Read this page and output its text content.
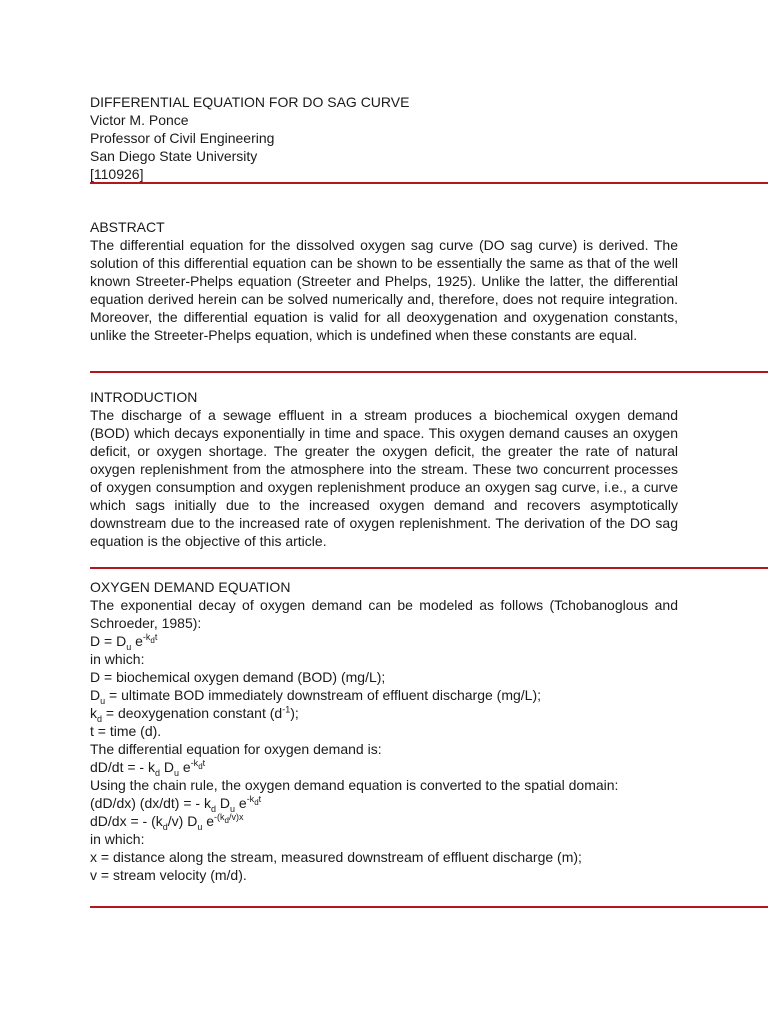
DIFFERENTIAL EQUATION FOR DO SAG CURVE
Victor M. Ponce
Professor of Civil Engineering
San Diego State University
[110926]
ABSTRACT
The differential equation for the dissolved oxygen sag curve (DO sag curve) is derived. The solution of this differential equation can be shown to be essentially the same as that of the well known Streeter-Phelps equation (Streeter and Phelps, 1925). Unlike the latter, the differential equation derived herein can be solved numerically and, therefore, does not require integration. Moreover, the differential equation is valid for all deoxygenation and oxygenation constants, unlike the Streeter-Phelps equation, which is undefined when these constants are equal.
INTRODUCTION
The discharge of a sewage effluent in a stream produces a biochemical oxygen demand (BOD) which decays exponentially in time and space. This oxygen demand causes an oxygen deficit, or oxygen shortage. The greater the oxygen deficit, the greater the rate of natural oxygen replenishment from the atmosphere into the stream. These two concurrent processes of oxygen consumption and oxygen replenishment produce an oxygen sag curve, i.e., a curve which sags initially due to the increased oxygen demand and recovers asymptotically downstream due to the increased rate of oxygen replenishment. The derivation of the DO sag equation is the objective of this article.
OXYGEN DEMAND EQUATION
The exponential decay of oxygen demand can be modeled as follows (Tchobanoglous and Schroeder, 1985):
$D = D_u$ $e^{-k_dt}$
in which:
D = biochemical oxygen demand (BOD) (mg/L);
$D_u$ = ultimate BOD immediately downstream of effluent discharge (mg/L);
$k_d$ = deoxygenation constant $(d^{-1})$;
t = time (d).
The differential equation for oxygen demand is:
dD/dt = - $k_d$ $D_u$ $e^{-k_dt}$
Using the chain rule, the oxygen demand equation is converted to the spatial domain:
(dD/dx) (dx/dt) = - $k_d$ $D_u$ $e^{-k_dt}$
dD/dx = - $(k_d/v)$ $D_u$ $e^{-(k_d/v)x}$
in which:
x = distance along the stream, measured downstream of effluent discharge (m);
v = stream velocity (m/d).
